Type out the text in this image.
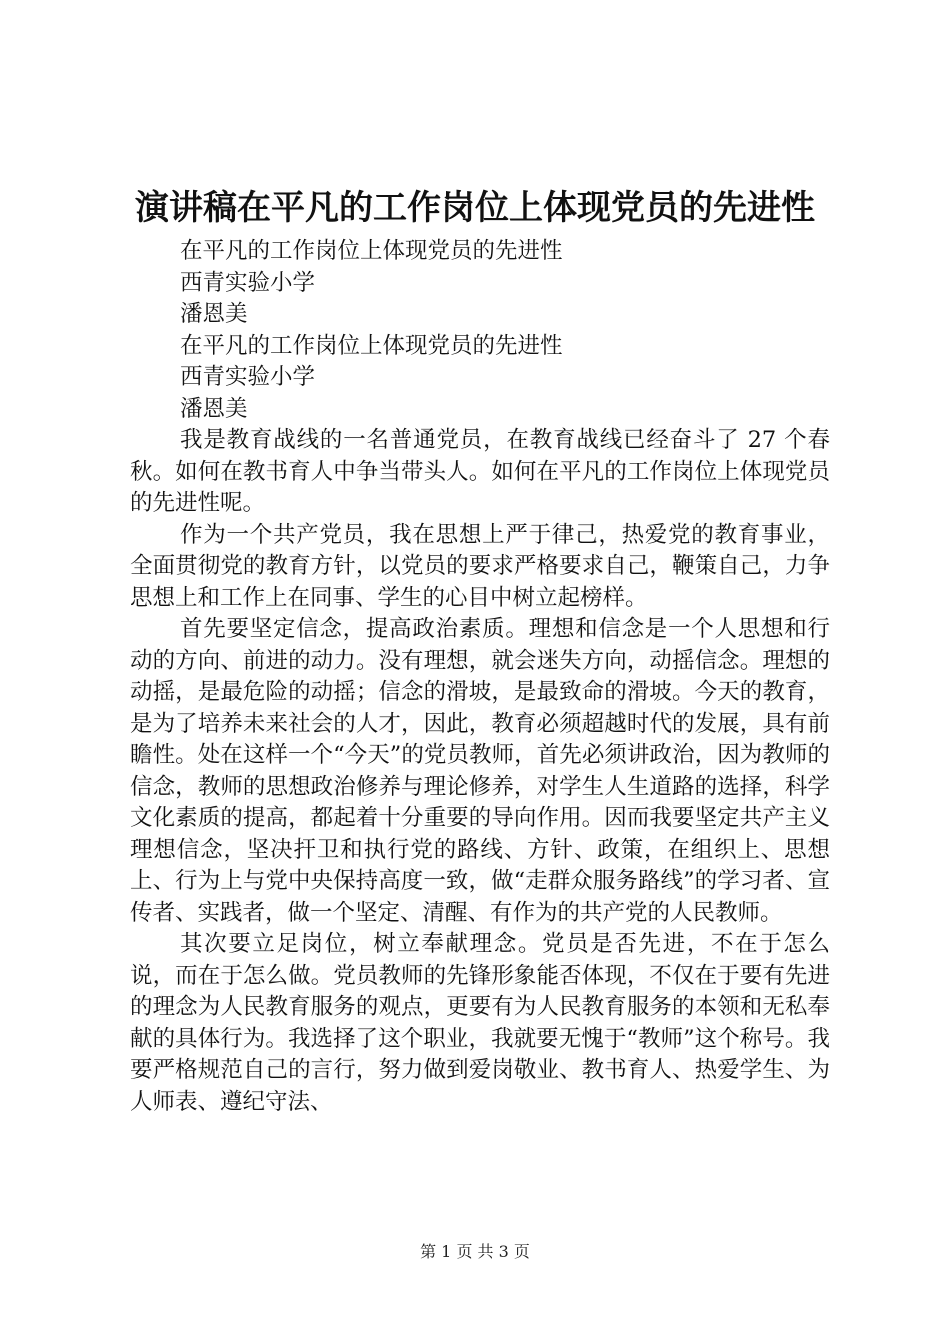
演讲稿在平凡的工作岗位上体现党员的先进性
在平凡的工作岗位上体现党员的先进性
西青实验小学
潘恩美
在平凡的工作岗位上体现党员的先进性
西青实验小学
潘恩美

我是教育战线的一名普通党员，在教育战线已经奋斗了 27 个春秋。如何在教书育人中争当带头人。如何在平凡的工作岗位上体现党员的先进性呢。

作为一个共产党员，我在思想上严于律己，热爱党的教育事业，全面贯彻党的教育方针，以党员的要求严格要求自己，鞭策自己，力争思想上和工作上在同事、学生的心目中树立起榜样。

首先要坚定信念，提高政治素质。理想和信念是一个人思想和行动的方向、前进的动力。没有理想，就会迷失方向，动摇信念。理想的动摇，是最危险的动摇；信念的滑坡，是最致命的滑坡。今天的教育，是为了培养未来社会的人才，因此，教育必须超越时代的发展，具有前瞻性。处在这样一个“今天”的党员教师，首先必须讲政治，因为教师的信念，教师的思想政治修养与理论修养，对学生人生道路的选择，科学文化素质的提高，都起着十分重要的导向作用。因而我要坚定共产主义理想信念，坚决扞卫和执行党的路线、方针、政策，在组织上、思想上、行为上与党中央保持高度一致，做“走群众服务路线”的学习者、宣传者、实践者，做一个坚定、清醒、有作为的共产党的人民教师。

其次要立足岗位，树立奉献理念。党员是否先进，不在于怎么说，而在于怎么做。党员教师的先锋形象能否体现，不仅在于要有先进的理念为人民教育服务的观点，更要有为人民教育服务的本领和无私奉献的具体行为。我选择了这个职业，我就要无愧于“教师”这个称号。我要严格规范自己的言行，努力做到爱岗敬业、教书育人、热爱学生、为人师表、遵纪守法、

第 1 页 共 3 页
